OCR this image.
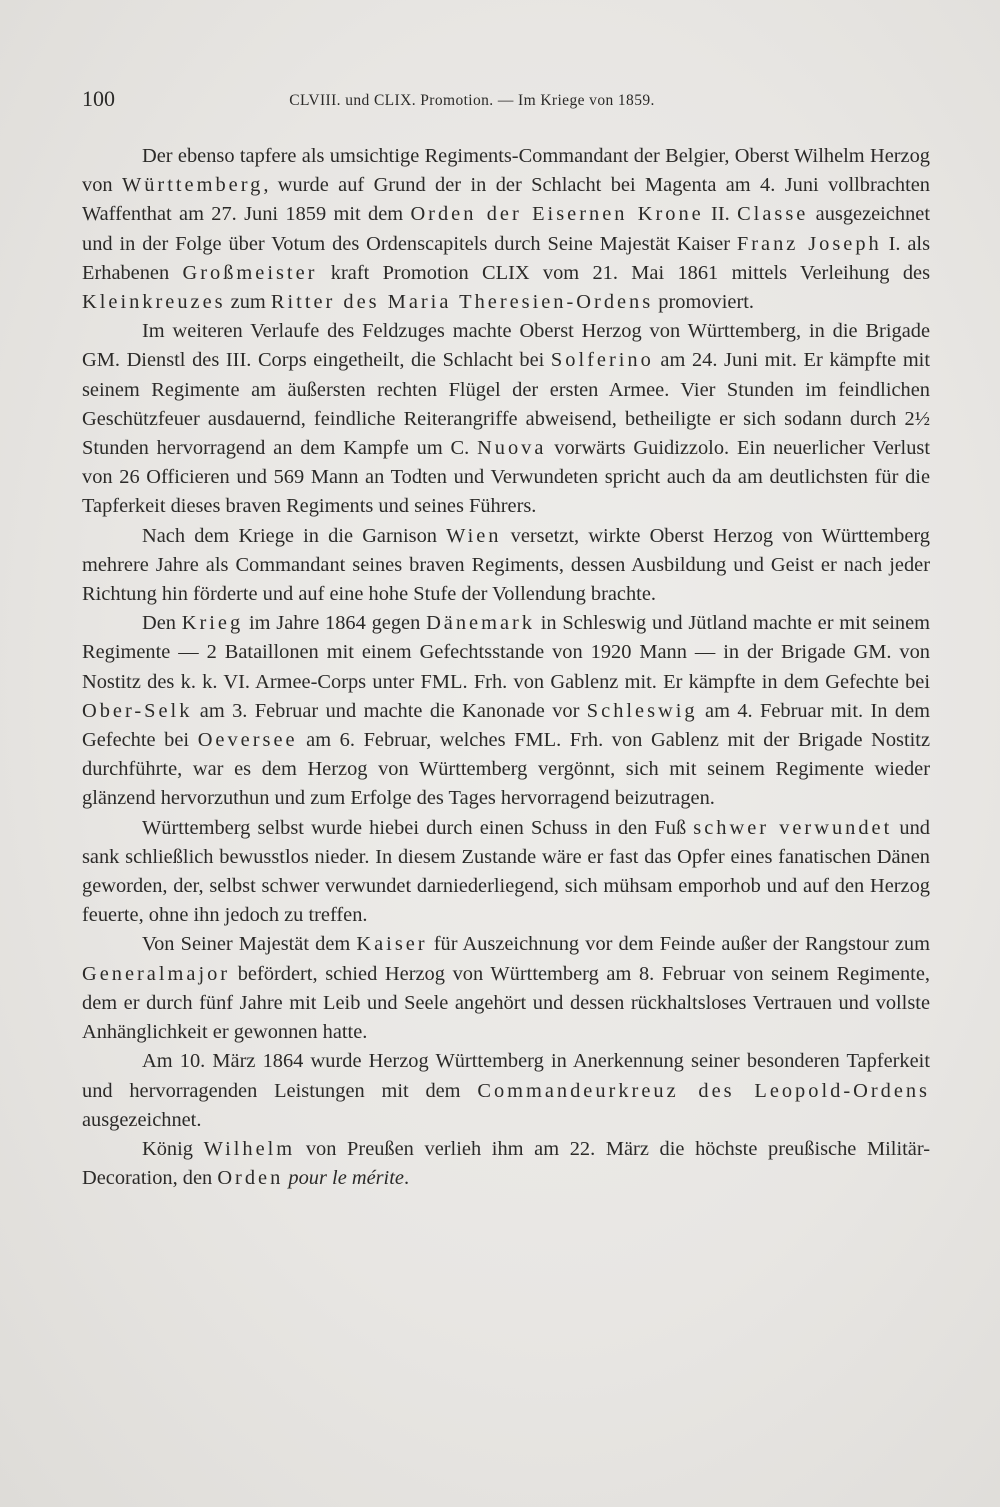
100	CLVIII. und CLIX. Promotion. — Im Kriege von 1859.

Der ebenso tapfere als umsichtige Regiments-Commandant der Belgier, Oberst Wilhelm Herzog von Württemberg, wurde auf Grund der in der Schlacht bei Magenta am 4. Juni vollbrachten Waffenthat am 27. Juni 1859 mit dem Orden der Eisernen Krone II. Classe ausgezeichnet und in der Folge über Votum des Ordenscapitels durch Seine Majestät Kaiser Franz Joseph I. als Erhabenen Großmeister kraft Promotion CLIX vom 21. Mai 1861 mittels Verleihung des Kleinkreuzes zum Ritter des Maria Theresien-Ordens promoviert.

Im weiteren Verlaufe des Feldzuges machte Oberst Herzog von Württemberg, in die Brigade GM. Dienstl des III. Corps eingetheilt, die Schlacht bei Solferino am 24. Juni mit. Er kämpfte mit seinem Regimente am äußersten rechten Flügel der ersten Armee. Vier Stunden im feindlichen Geschützfeuer ausdauernd, feindliche Reiterangriffe abweisend, betheiligte er sich sodann durch 2½ Stunden hervorragend an dem Kampfe um C. Nuova vorwärts Guidizzolo. Ein neuerlicher Verlust von 26 Officieren und 569 Mann an Todten und Verwundeten spricht auch da am deutlichsten für die Tapferkeit dieses braven Regiments und seines Führers.

Nach dem Kriege in die Garnison Wien versetzt, wirkte Oberst Herzog von Württemberg mehrere Jahre als Commandant seines braven Regiments, dessen Ausbildung und Geist er nach jeder Richtung hin förderte und auf eine hohe Stufe der Vollendung brachte.

Den Krieg im Jahre 1864 gegen Dänemark in Schleswig und Jütland machte er mit seinem Regimente — 2 Bataillonen mit einem Gefechtsstande von 1920 Mann — in der Brigade GM. von Nostitz des k. k. VI. Armee-Corps unter FML. Frh. von Gablenz mit. Er kämpfte in dem Gefechte bei Ober-Selk am 3. Februar und machte die Kanonade vor Schleswig am 4. Februar mit. In dem Gefechte bei Oeversee am 6. Februar, welches FML. Frh. von Gablenz mit der Brigade Nostitz durchführte, war es dem Herzog von Württemberg vergönnt, sich mit seinem Regimente wieder glänzend hervorzuthun und zum Erfolge des Tages hervorragend beizutragen.

Württemberg selbst wurde hiebei durch einen Schuss in den Fuß schwer verwundet und sank schließlich bewusstlos nieder. In diesem Zustande wäre er fast das Opfer eines fanatischen Dänen geworden, der, selbst schwer verwundet darniederliegend, sich mühsam emporhob und auf den Herzog feuerte, ohne ihn jedoch zu treffen.

Von Seiner Majestät dem Kaiser für Auszeichnung vor dem Feinde außer der Rangstour zum Generalmajor befördert, schied Herzog von Württemberg am 8. Februar von seinem Regimente, dem er durch fünf Jahre mit Leib und Seele angehört und dessen rückhaltsloses Vertrauen und vollste Anhänglichkeit er gewonnen hatte.

Am 10. März 1864 wurde Herzog Württemberg in Anerkennung seiner besonderen Tapferkeit und hervorragenden Leistungen mit dem Commandeurkreuz des Leopold-Ordens ausgezeichnet.

König Wilhelm von Preußen verlieh ihm am 22. März die höchste preußische Militär-Decoration, den Orden pour le mérite.
